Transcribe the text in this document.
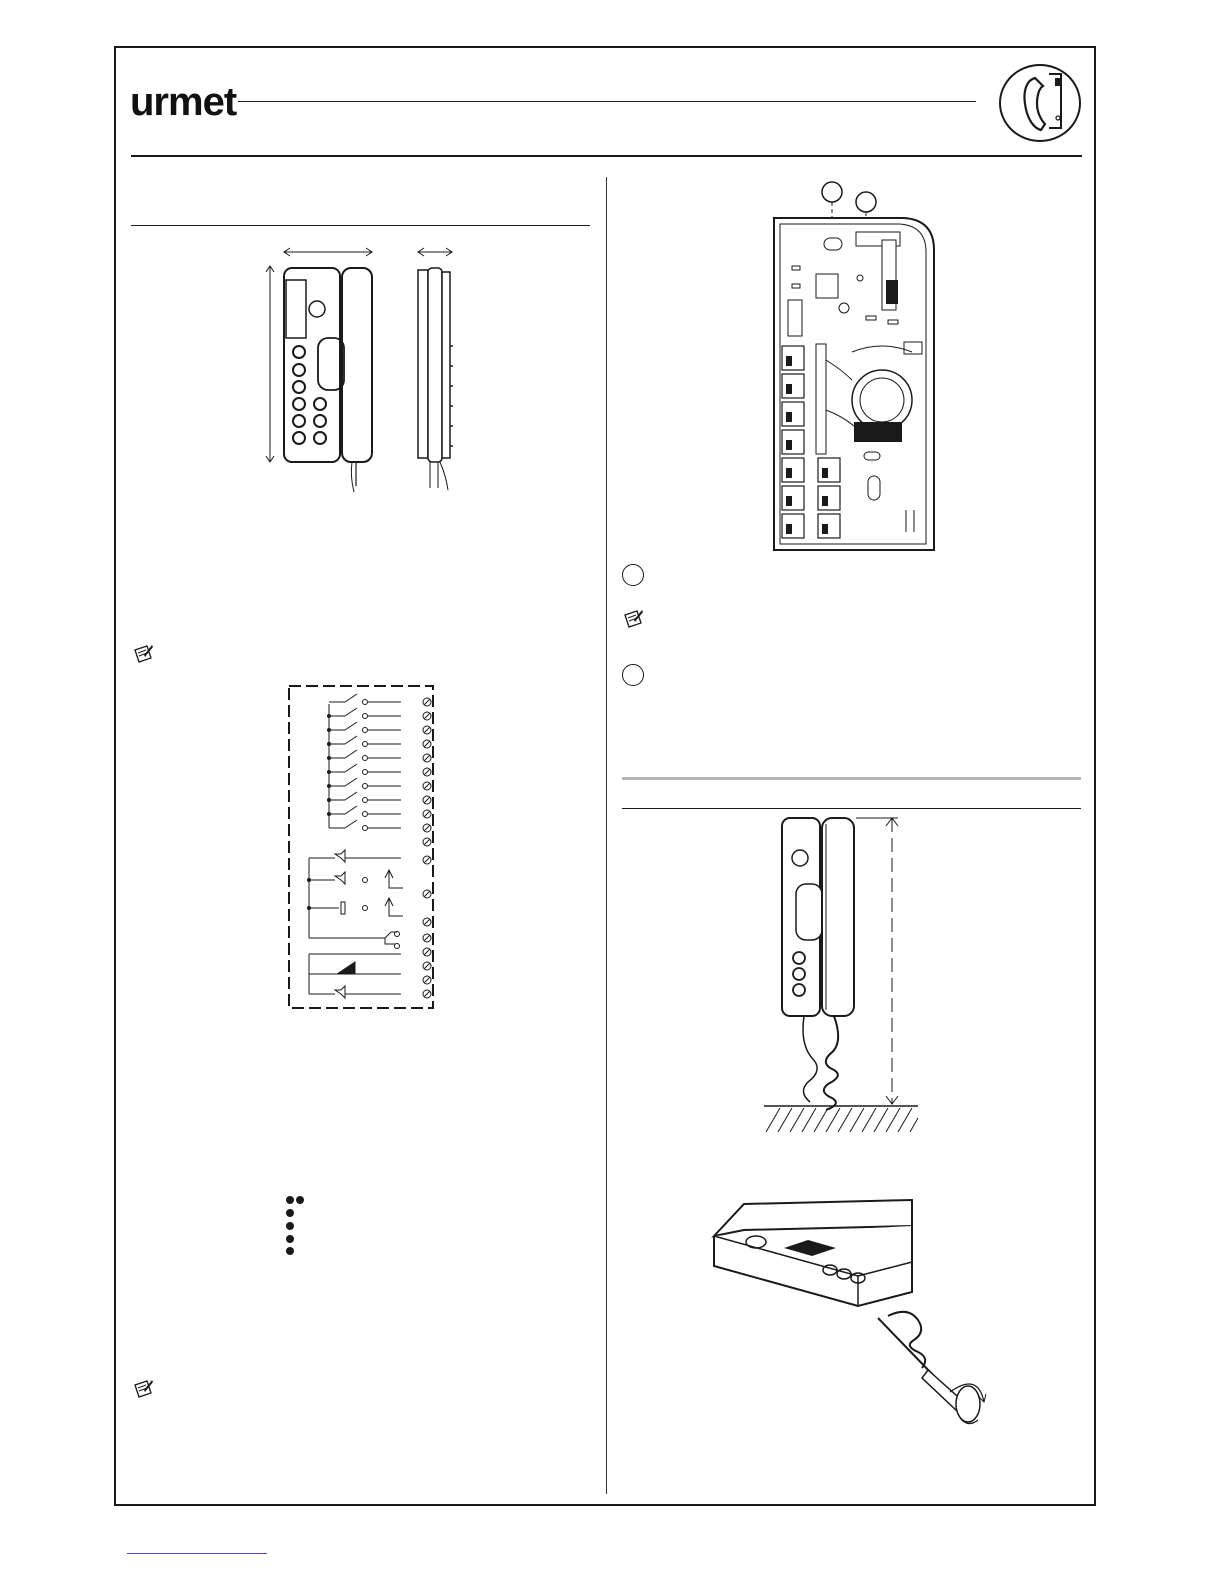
urmet
